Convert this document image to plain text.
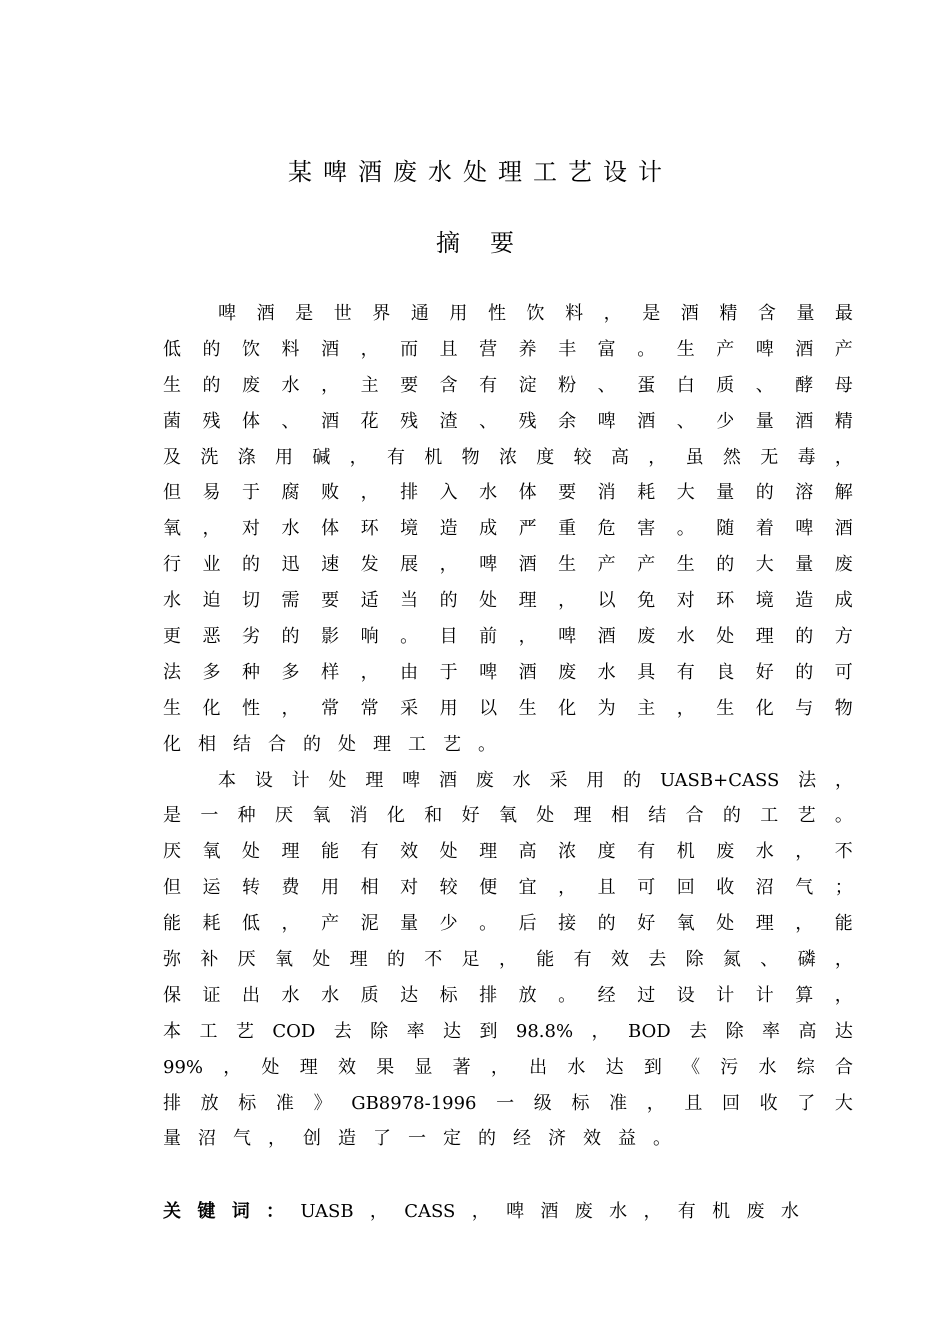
某啤酒废水处理工艺设计
摘要
啤 酒 是 世 界 通 用 性 饮 料 ， 是 酒 精 含 量 最
低 的 饮 料 酒 ， 而 且 营 养 丰 富 。 生 产 啤 酒 产
生 的 废 水 ， 主 要 含 有 淀 粉 、 蛋 白 质 、 酵 母
菌 残 体 、 酒 花 残 渣 、 残 余 啤 酒 、 少 量 酒 精
及 洗 涤 用 碱 ， 有 机 物 浓 度 较 高 ， 虽 然 无 毒 ，
但 易 于 腐 败 ， 排 入 水 体 要 消 耗 大 量 的 溶 解
氧 ， 对 水 体 环 境 造 成 严 重 危 害 。 随 着 啤 酒
行 业 的 迅 速 发 展 ， 啤 酒 生 产 产 生 的 大 量 废
水 迫 切 需 要 适 当 的 处 理 ， 以 免 对 环 境 造 成
更 恶 劣 的 影 响 。 目 前 ， 啤 酒 废 水 处 理 的 方
法 多 种 多 样 ， 由 于 啤 酒 废 水 具 有 良 好 的 可
生 化 性 ， 常 常 采 用 以 生 化 为 主 ， 生 化 与 物
化 相 结 合 的 处 理 工 艺 。
本 设 计 处 理 啤 酒 废 水 采 用 的 UASB+CASS 法 ，
是 一 种 厌 氧 消 化 和 好 氧 处 理 相 结 合 的 工 艺 。
厌 氧 处 理 能 有 效 处 理 高 浓 度 有 机 废 水 ， 不
但 运 转 费 用 相 对 较 便 宜 ， 且 可 回 收 沼 气 ；
能 耗 低 ， 产 泥 量 少 。 后 接 的 好 氧 处 理 ， 能
弥 补 厌 氧 处 理 的 不 足 ， 能 有 效 去 除 氮 、 磷 ，
保 证 出 水 水 质 达 标 排 放 。 经 过 设 计 计 算 ，
本 工 艺 COD 去 除 率 达 到 98.8% ， BOD 去 除 率 高 达
99% ， 处 理 效 果 显 著 ， 出 水 达 到 《 污 水 综 合
排 放 标 准 》 GB8978-1996 一 级 标 准 ， 且 回 收 了 大
量 沼 气 ， 创 造 了 一 定 的 经 济 效 益 。
关 键 词 ： UASB ， CASS ， 啤 酒 废 水 ， 有 机 废 水
